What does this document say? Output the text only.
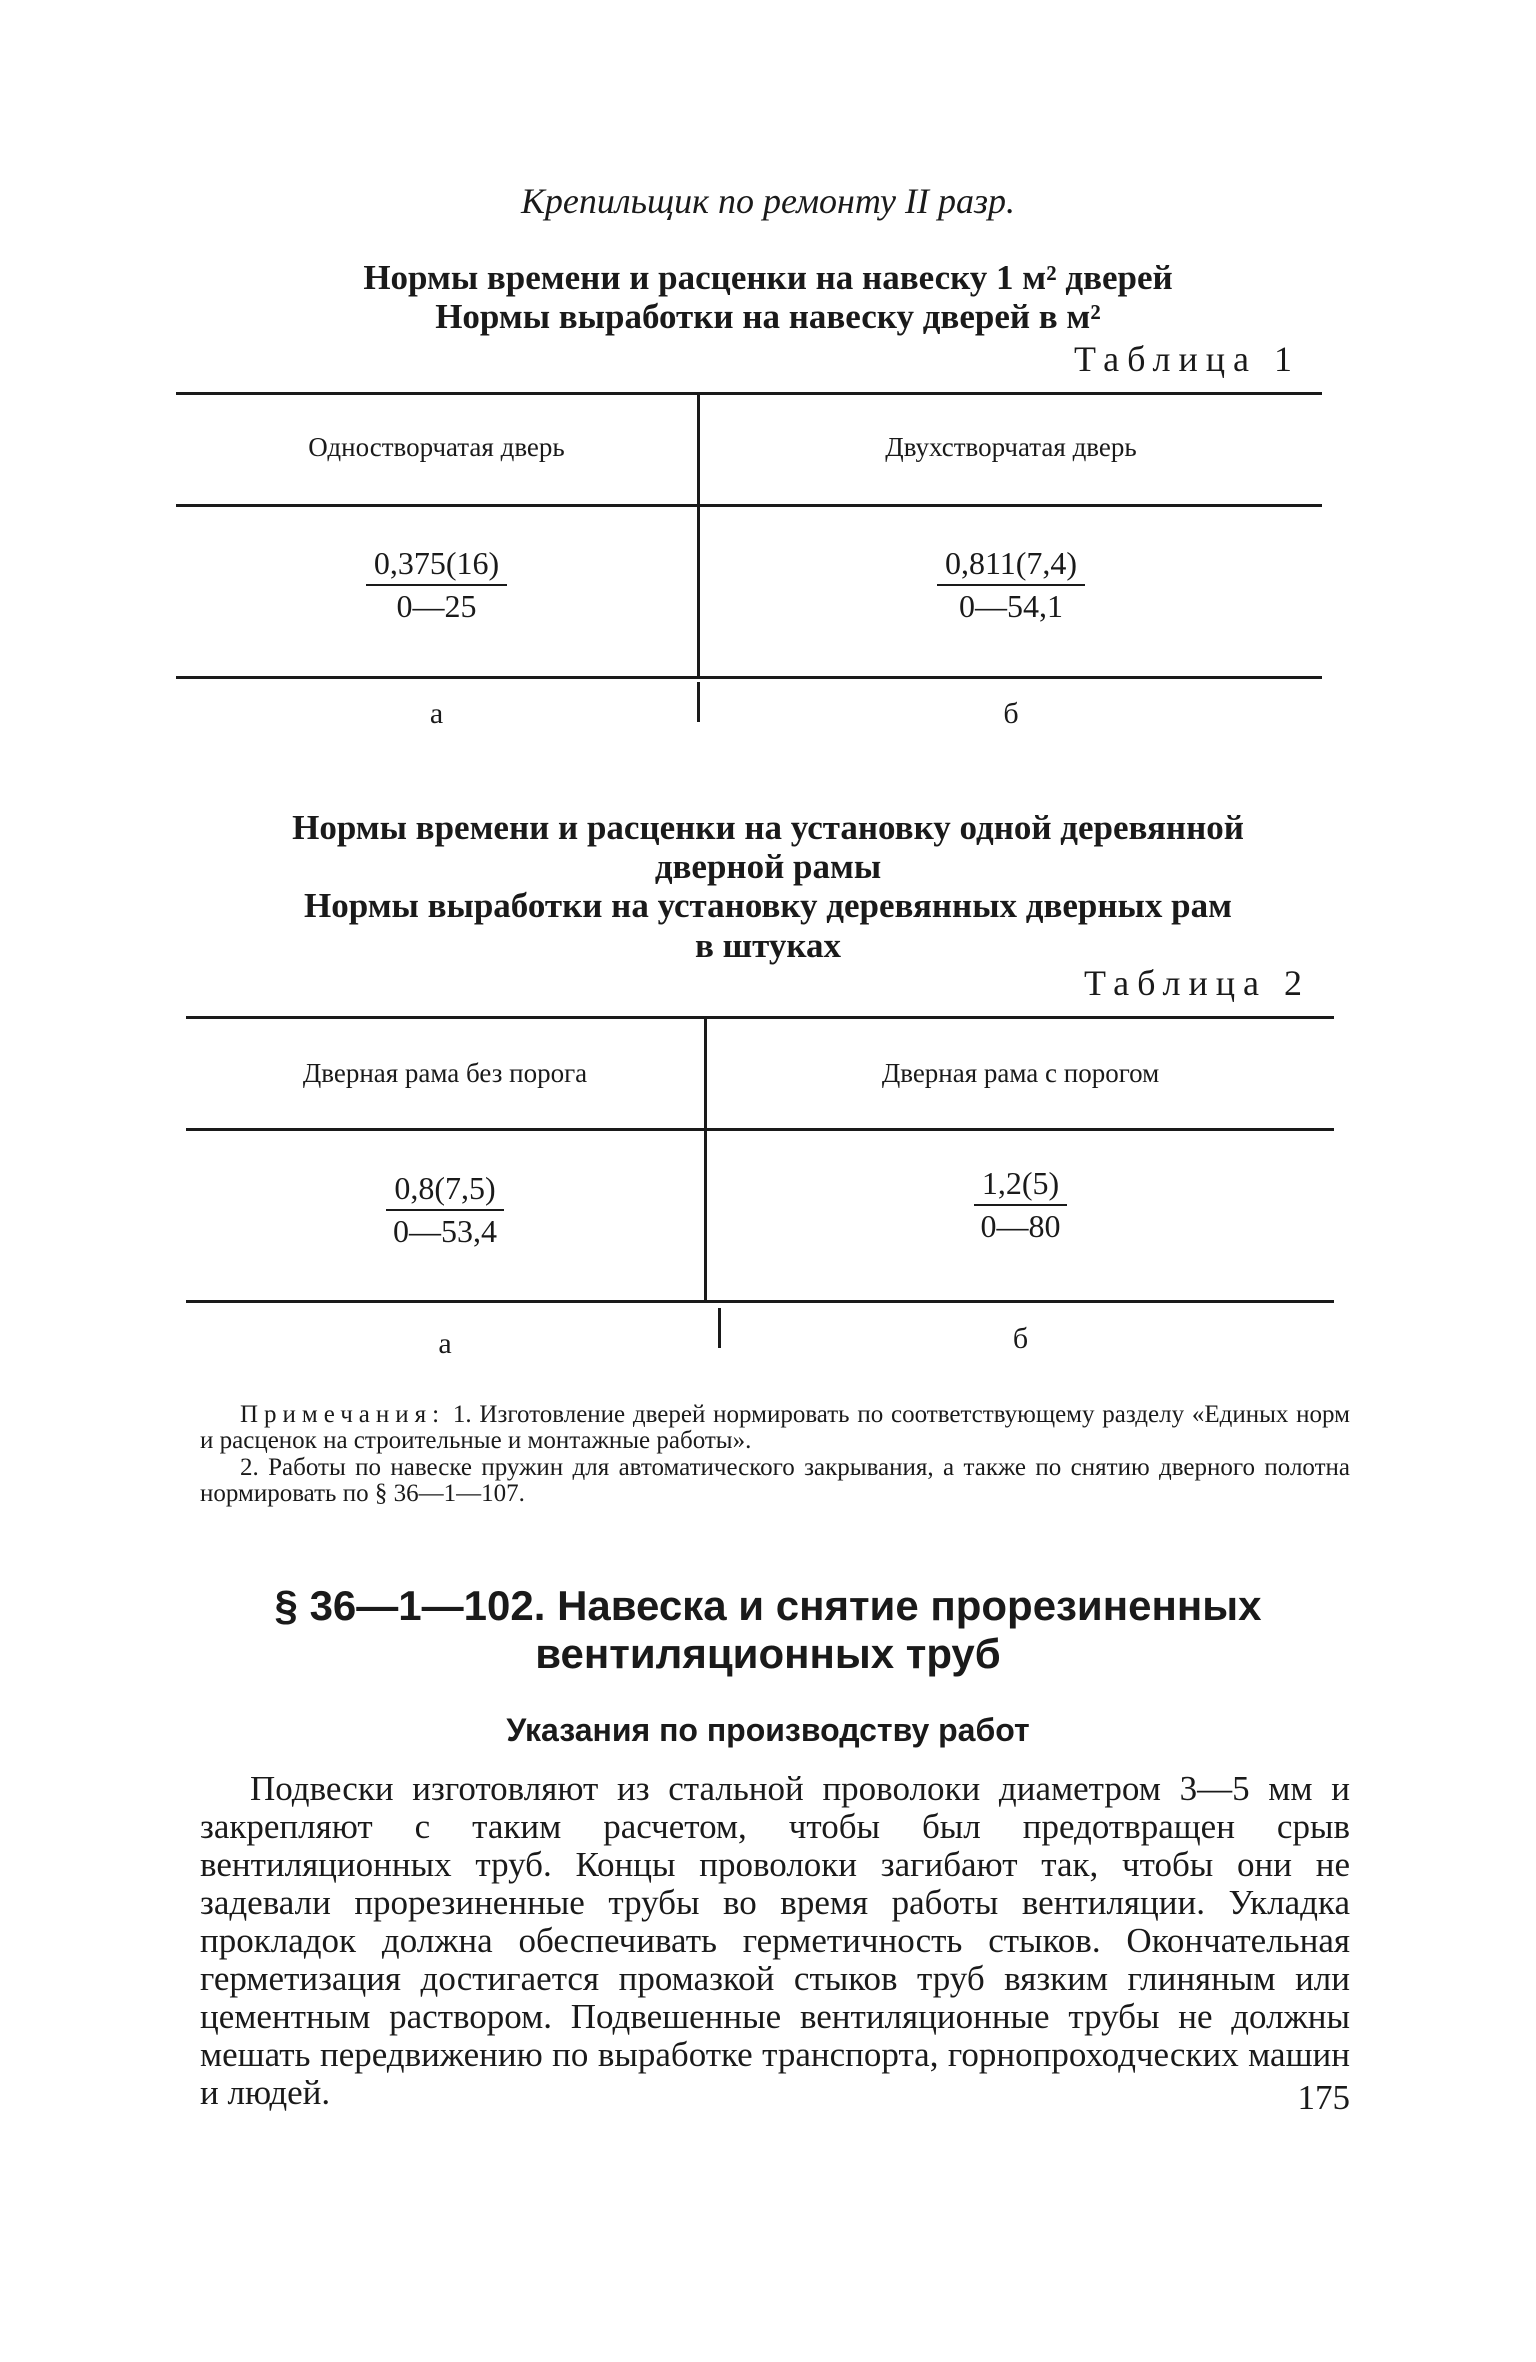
Крепильщик по ремонту II разр.
Нормы времени и расценки на навеску 1 м² дверей
Нормы выработки на навеску дверей в м²
Таблица 1
Одностворчатая дверь	Двухстворчатая дверь
$\frac{0,375(16)}{0—25} \frac{0,811(7,4)}{0—54,1}$
а	б
Нормы времени и расценки на установку одной деревянной
дверной рамы
Нормы выработки на установку деревянных дверных рам
в штуках
Таблица 2
Дверная рама без порога	Дверная рама с порогом
$\frac{0,8(7,5)}{0—53,4} \frac{1,2(5)}{0—80}$
а	б
Примечания: 1. Изготовление дверей нормировать по соответствующему разделу «Единых норм и расценок на строительные и монтажные работы».
2. Работы по навеске пружин для автоматического закрывания, а также по снятию дверного полотна нормировать по § 36—1—107.
§ 36—1—102. Навеска и снятие прорезиненных
вентиляционных труб
Указания по производству работ

Подвески изготовляют из стальной проволоки диаметром 3—5 мм и закрепляют с таким расчетом, чтобы был предотвращен срыв вентиляционных труб. Концы проволоки загибают так, чтобы они не задевали прорезиненные трубы во время работы вентиляции. Укладка прокладок должна обеспечивать герметичность стыков. Окончательная герметизация достигается промазкой стыков труб вязким глиняным или цементным раствором. Подвешенные вентиляционные трубы не должны мешать передвижению по выработке транспорта, горнопроходческих машин и людей.	175
